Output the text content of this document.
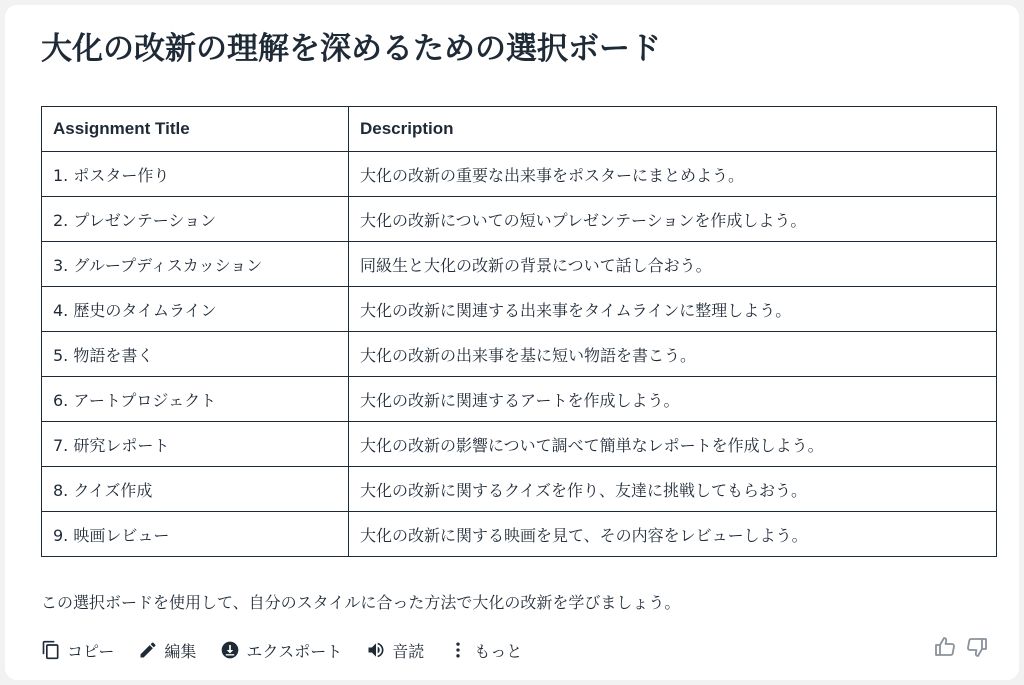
大化の改新の理解を深めるための選択ボード
Assignment Title	Description
1. ポスター作り	大化の改新の重要な出来事をポスターにまとめよう。
2. プレゼンテーション	大化の改新についての短いプレゼンテーションを作成しよう。
3. グループディスカッション	同級生と大化の改新の背景について話し合おう。
4. 歴史のタイムライン	大化の改新に関連する出来事をタイムラインに整理しよう。
5. 物語を書く	大化の改新の出来事を基に短い物語を書こう。
6. アートプロジェクト	大化の改新に関連するアートを作成しよう。
7. 研究レポート	大化の改新の影響について調べて簡単なレポートを作成しよう。
8. クイズ作成	大化の改新に関するクイズを作り、友達に挑戦してもらおう。
9. 映画レビュー	大化の改新に関する映画を見て、その内容をレビューしよう。
この選択ボードを使用して、自分のスタイルに合った方法で大化の改新を学びましょう。
コピー	編集	エクスポート	音読	もっと
